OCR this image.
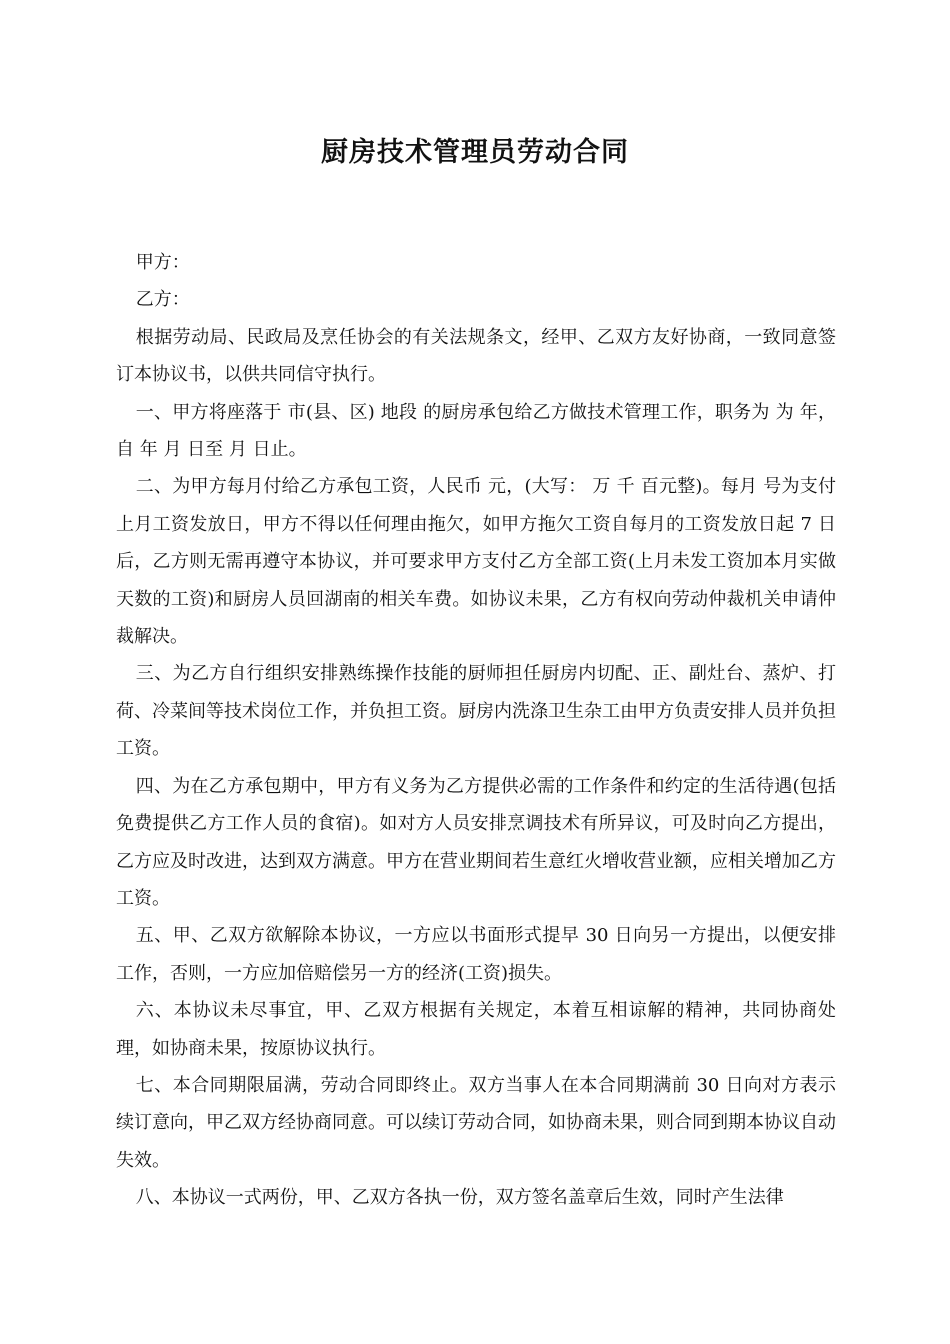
厨房技术管理员劳动合同

甲方：

乙方：

根据劳动局、民政局及烹任协会的有关法规条文，经甲、乙双方友好协商，一致同意签订本协议书，以供共同信守执行。

一、甲方将座落于 市(县、区) 地段 的厨房承包给乙方做技术管理工作，职务为 为 年，自 年 月 日至 月 日止。

二、为甲方每月付给乙方承包工资，人民币 元，(大写： 万 千 百元整)。每月 号为支付上月工资发放日，甲方不得以任何理由拖欠，如甲方拖欠工资自每月的工资发放日起 7 日后，乙方则无需再遵守本协议，并可要求甲方支付乙方全部工资(上月未发工资加本月实做天数的工资)和厨房人员回湖南的相关车费。如协议未果，乙方有权向劳动仲裁机关申请仲裁解决。

三、为乙方自行组织安排熟练操作技能的厨师担任厨房内切配、正、副灶台、蒸炉、打荷、冷菜间等技术岗位工作，并负担工资。厨房内洗涤卫生杂工由甲方负责安排人员并负担工资。

四、为在乙方承包期中，甲方有义务为乙方提供必需的工作条件和约定的生活待遇(包括免费提供乙方工作人员的食宿)。如对方人员安排烹调技术有所异议，可及时向乙方提出，乙方应及时改进，达到双方满意。甲方在营业期间若生意红火增收营业额，应相关增加乙方工资。

五、甲、乙双方欲解除本协议，一方应以书面形式提早 30 日向另一方提出，以便安排工作，否则，一方应加倍赔偿另一方的经济(工资)损失。

六、本协议未尽事宜，甲、乙双方根据有关规定，本着互相谅解的精神，共同协商处理，如协商未果，按原协议执行。

七、本合同期限届满，劳动合同即终止。双方当事人在本合同期满前 30 日向对方表示续订意向，甲乙双方经协商同意。可以续订劳动合同，如协商未果，则合同到期本协议自动失效。

八、本协议一式两份，甲、乙双方各执一份，双方签名盖章后生效，同时产生法律
